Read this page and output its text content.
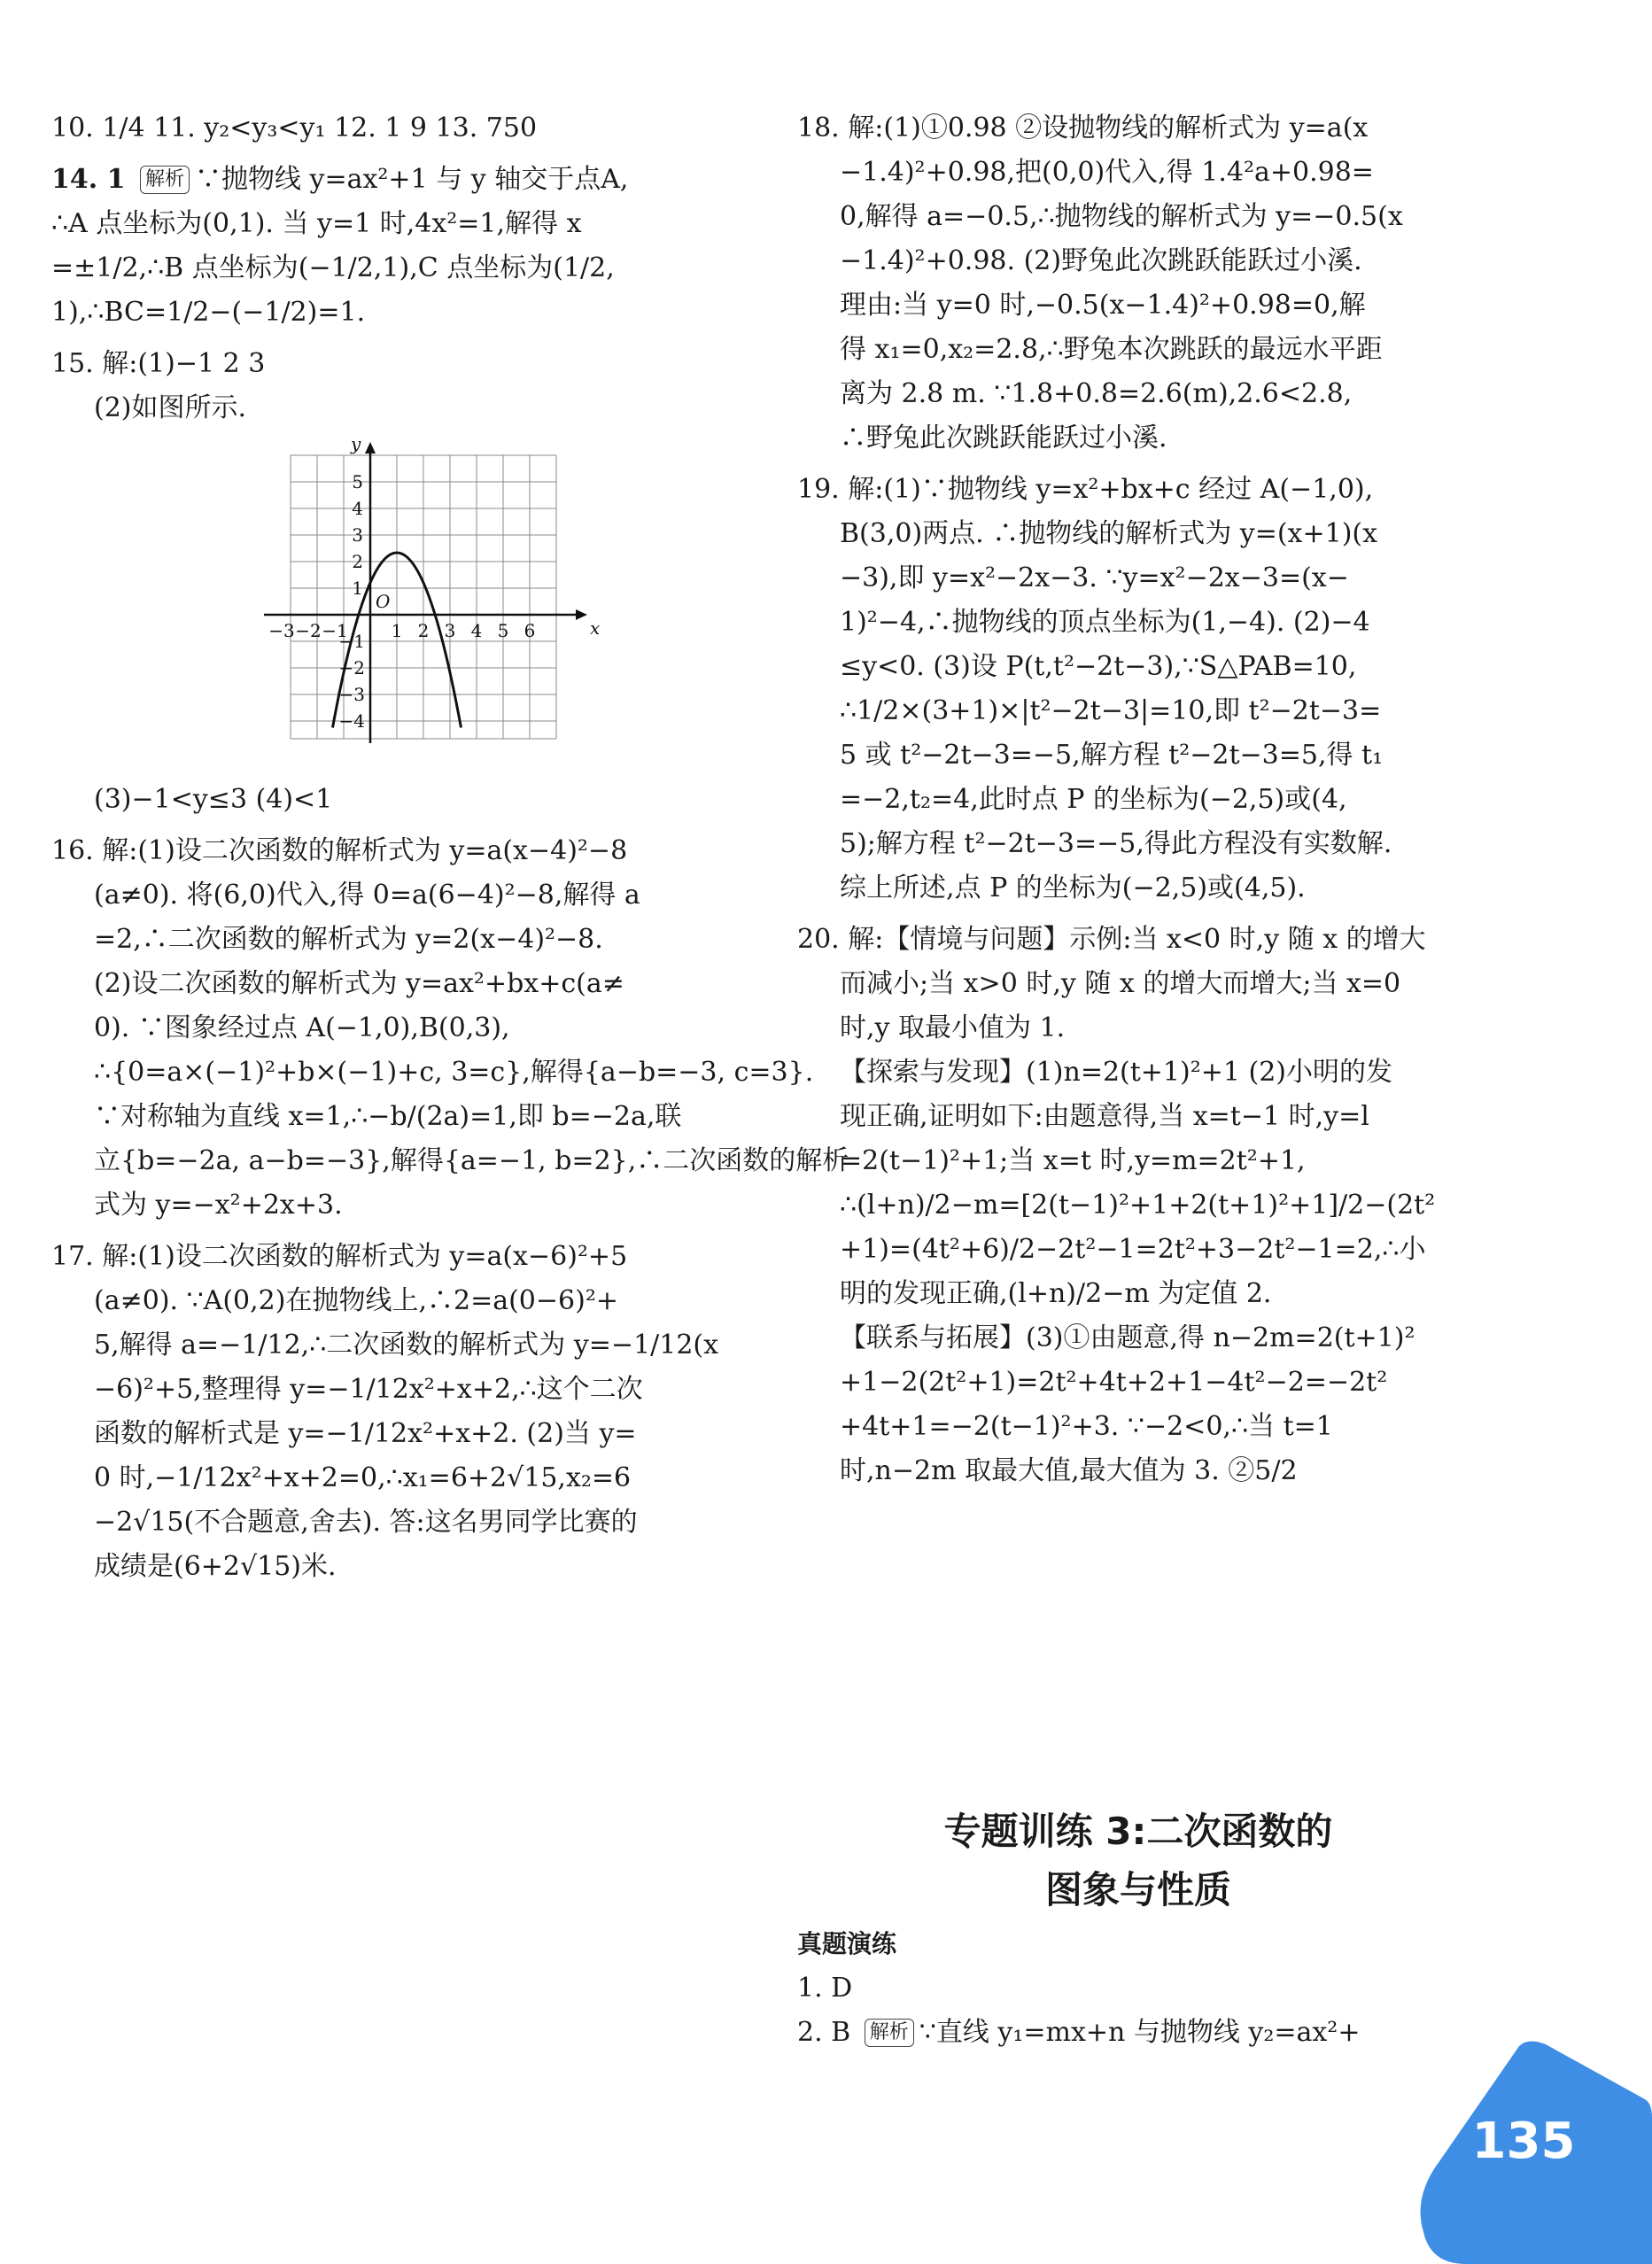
10. 1/4 11. y₂<y₃<y₁ 12. 1 9 13. 750
14. 1 解析 ∵抛物线 y=ax²+1 与 y 轴交于点A,
∴A 点坐标为(0,1). 当 y=1 时,4x²=1,解得 x
=±1/2,∴B 点坐标为(−1/2,1),C 点坐标为(1/2,
1),∴BC=1/2−(−1/2)=1.
15. 解:(1)−1 2 3
(2)如图所示.
y
x
O
−3 −2 −1 1 2 3 4 5 6
5
4
3
2
1
−1
−2
−3
−4
(3)−1<y≤3 (4)<1
16. 解:(1)设二次函数的解析式为 y=a(x−4)²−8
(a≠0). 将(6,0)代入,得 0=a(6−4)²−8,解得 a
=2,∴二次函数的解析式为 y=2(x−4)²−8.
(2)设二次函数的解析式为 y=ax²+bx+c(a≠
0). ∵图象经过点 A(−1,0),B(0,3),
∴{0=a×(−1)²+b×(−1)+c, 3=c},解得{a−b=−3, c=3}.
∵对称轴为直线 x=1,∴−b/(2a)=1,即 b=−2a,联
立{b=−2a, a−b=−3},解得{a=−1, b=2},∴二次函数的解析
式为 y=−x²+2x+3.
17. 解:(1)设二次函数的解析式为 y=a(x−6)²+5
(a≠0). ∵A(0,2)在抛物线上,∴2=a(0−6)²+
5,解得 a=−1/12,∴二次函数的解析式为 y=−1/12(x
−6)²+5,整理得 y=−1/12x²+x+2,∴这个二次
函数的解析式是 y=−1/12x²+x+2. (2)当 y=
0 时,−1/12x²+x+2=0,∴x₁=6+2√15,x₂=6
−2√15(不合题意,舍去). 答:这名男同学比赛的
成绩是(6+2√15)米.
18. 解:(1)①0.98 ②设抛物线的解析式为 y=a(x
−1.4)²+0.98,把(0,0)代入,得 1.4²a+0.98=
0,解得 a=−0.5,∴抛物线的解析式为 y=−0.5(x
−1.4)²+0.98. (2)野兔此次跳跃能跃过小溪.
理由:当 y=0 时,−0.5(x−1.4)²+0.98=0,解
得 x₁=0,x₂=2.8,∴野兔本次跳跃的最远水平距
离为 2.8 m. ∵1.8+0.8=2.6(m),2.6<2.8,
∴野兔此次跳跃能跃过小溪.
19. 解:(1)∵抛物线 y=x²+bx+c 经过 A(−1,0),
B(3,0)两点. ∴抛物线的解析式为 y=(x+1)(x
−3),即 y=x²−2x−3. ∵y=x²−2x−3=(x−
1)²−4,∴抛物线的顶点坐标为(1,−4). (2)−4
≤y<0. (3)设 P(t,t²−2t−3),∵S△PAB=10,
∴1/2×(3+1)×|t²−2t−3|=10,即 t²−2t−3=
5 或 t²−2t−3=−5,解方程 t²−2t−3=5,得 t₁
=−2,t₂=4,此时点 P 的坐标为(−2,5)或(4,
5);解方程 t²−2t−3=−5,得此方程没有实数解.
综上所述,点 P 的坐标为(−2,5)或(4,5).
20. 解:【情境与问题】示例:当 x<0 时,y 随 x 的增大
而减小;当 x>0 时,y 随 x 的增大而增大;当 x=0
时,y 取最小值为 1.
【探索与发现】(1)n=2(t+1)²+1 (2)小明的发
现正确,证明如下:由题意得,当 x=t−1 时,y=l
=2(t−1)²+1;当 x=t 时,y=m=2t²+1,
∴(l+n)/2−m=[2(t−1)²+1+2(t+1)²+1]/2−(2t²
+1)=(4t²+6)/2−2t²−1=2t²+3−2t²−1=2,∴小
明的发现正确,(l+n)/2−m 为定值 2.
【联系与拓展】(3)①由题意,得 n−2m=2(t+1)²
+1−2(2t²+1)=2t²+4t+2+1−4t²−2=−2t²
+4t+1=−2(t−1)²+3. ∵−2<0,∴当 t=1
时,n−2m 取最大值,最大值为 3. ②5/2
专题训练 3:二次函数的
图象与性质
真题演练
1. D
2. B 解析 ∵直线 y₁=mx+n 与抛物线 y₂=ax²+
135
